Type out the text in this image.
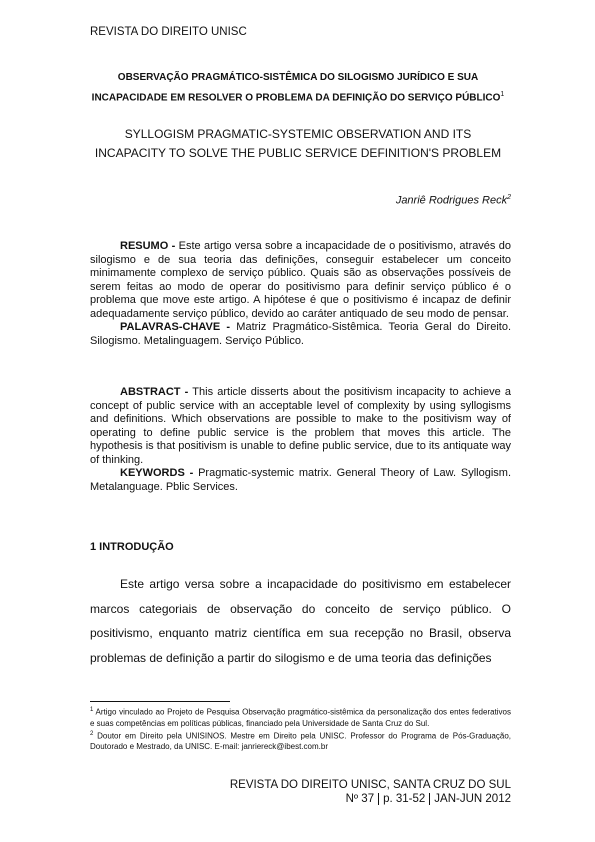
REVISTA DO DIREITO UNISC
OBSERVAÇÃO PRAGMÁTICO-SISTÊMICA DO SILOGISMO JURÍDICO E SUA INCAPACIDADE EM RESOLVER O PROBLEMA DA DEFINIÇÃO DO SERVIÇO PÚBLICO$^1$
SYLLOGISM PRAGMATIC-SYSTEMIC OBSERVATION AND ITS INCAPACITY TO SOLVE THE PUBLIC SERVICE DEFINITION'S PROBLEM
Janriê Rodrigues Reck$^2$

RESUMO - Este artigo versa sobre a incapacidade de o positivismo, através do silogismo e de sua teoria das definições, conseguir estabelecer um conceito minimamente complexo de serviço público. Quais são as observações possíveis de serem feitas ao modo de operar do positivismo para definir serviço público é o problema que move este artigo. A hipótese é que o positivismo é incapaz de definir adequadamente serviço público, devido ao caráter antiquado de seu modo de pensar.

PALAVRAS-CHAVE - Matriz Pragmático-Sistêmica. Teoria Geral do Direito. Silogismo. Metalinguagem. Serviço Público.

ABSTRACT - This article disserts about the positivism incapacity to achieve a concept of public service with an acceptable level of complexity by using syllogisms and definitions. Which observations are possible to make to the positivism way of operating to define public service is the problem that moves this article. The hypothesis is that positivism is unable to define public service, due to its antiquate way of thinking.

KEYWORDS - Pragmatic-systemic matrix. General Theory of Law. Syllogism. Metalanguage. Pblic Services.

1 INTRODUÇÃO

Este artigo versa sobre a incapacidade do positivismo em estabelecer marcos categoriais de observação do conceito de serviço público. O positivismo, enquanto matriz científica em sua recepção no Brasil, observa problemas de definição a partir do silogismo e de uma teoria das definições

$^1$ Artigo vinculado ao Projeto de Pesquisa Observação pragmático-sistêmica da personalização dos entes federativos e suas competências em políticas públicas, financiado pela Universidade de Santa Cruz do Sul.

$^2$ Doutor em Direito pela UNISINOS. Mestre em Direito pela UNISC. Professor do Programa de Pós-Graduação, Doutorado e Mestrado, da UNISC. E-mail: janriereck@ibest.com.br

REVISTA DO DIREITO UNISC, SANTA CRUZ DO SUL
Nº 37 p. 31-52 JAN-JUN 2012
